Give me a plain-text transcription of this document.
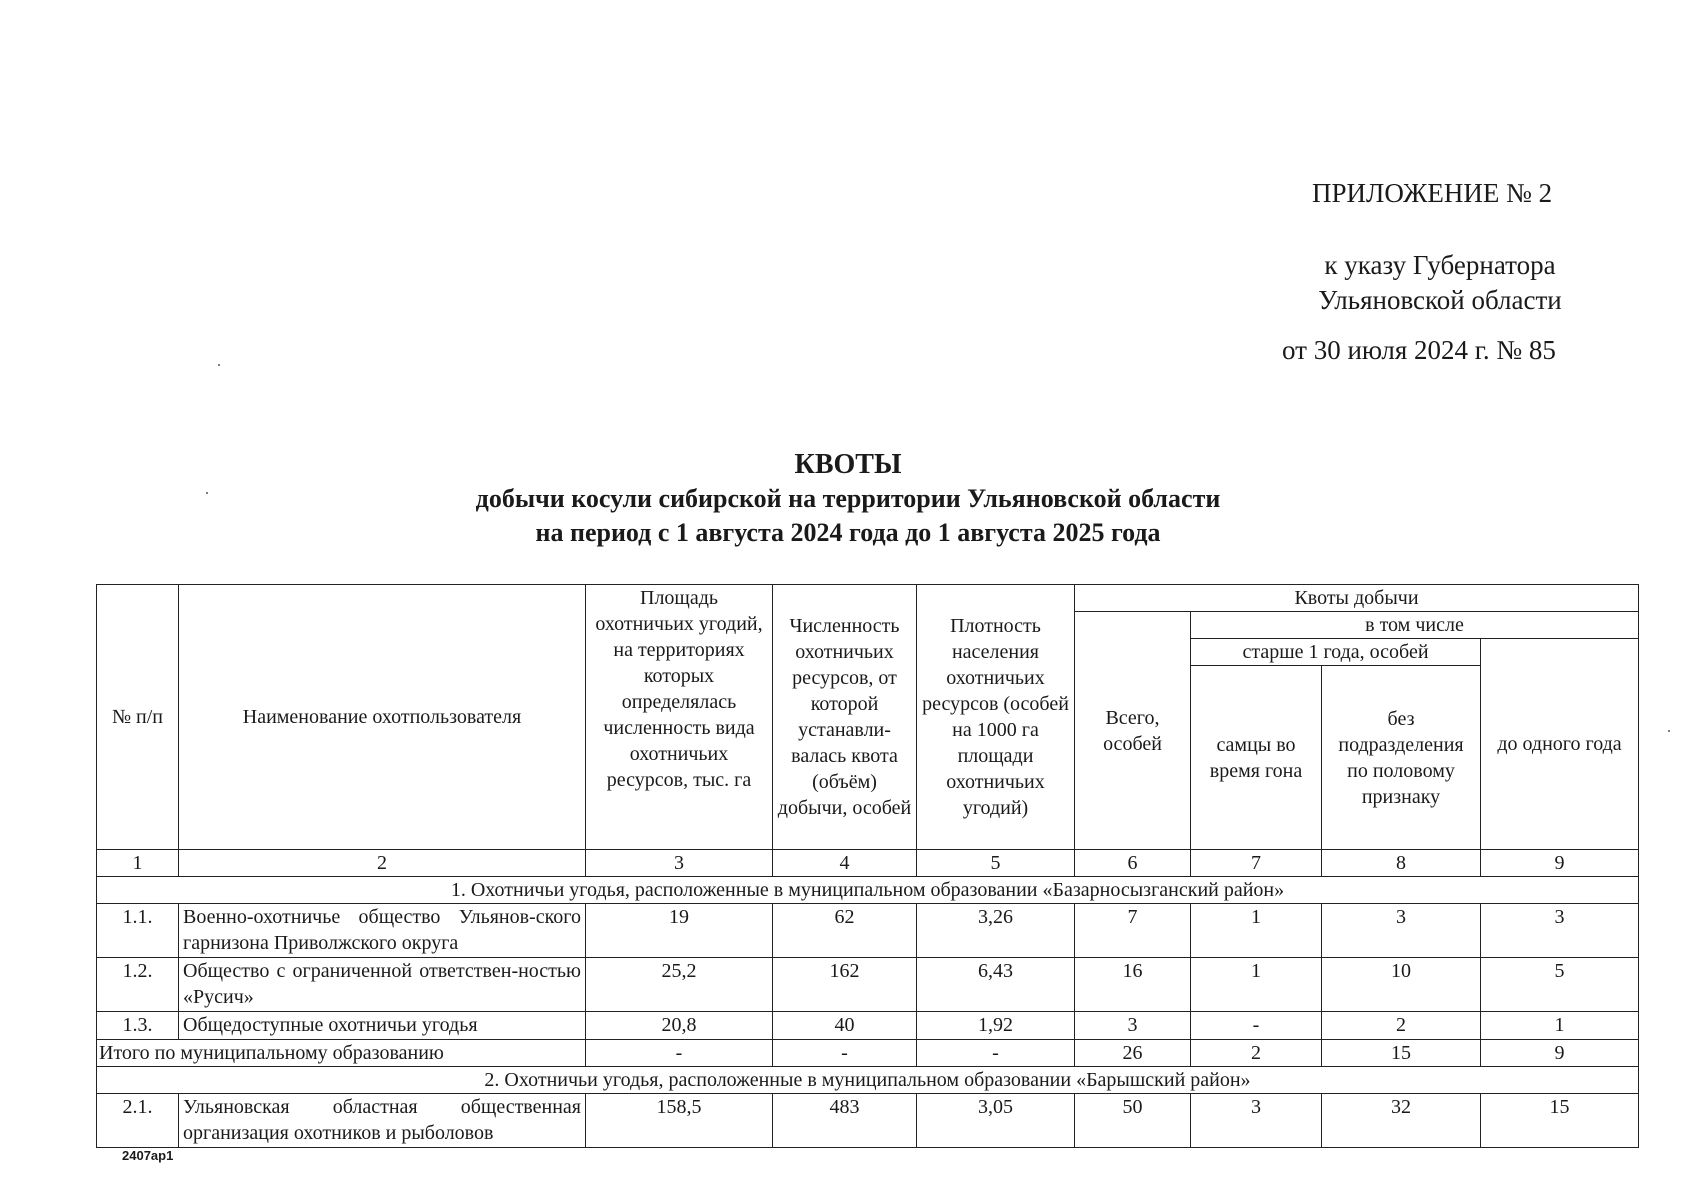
ПРИЛОЖЕНИЕ № 2
к указу Губернатора
Ульяновской области
от 30 июля 2024 г. № 85
КВОТЫ
добычи косули сибирской на территории Ульяновской области
на период с 1 августа 2024 года до 1 августа 2025 года
№ п/п	Наименование охотпользователя	Площадь охотничьих угодий, на территориях которых определялась численность вида охотничьих ресурсов, тыс. га	Численность охотничьих ресурсов, от которой устанавли-валась квота (объём) добычи, особей	Плотность населения охотничьих ресурсов (особей на 1000 га площади охотничьих угодий)	Квоты добычи			
					Всего, особей	в том числе		
						старше 1 года, особей		до одного года
						самцы во время гона	без подразделения по половому признаку	
1	2	3	4	5	6	7	8	9
1. Охотничьи угодья, расположенные в муниципальном образовании «Базарносызганский район»								
1.1.	Военно-охотничье общество Ульянов-ского гарнизона Приволжского округа	19	62	3,26	7	1	3	3
1.2.	Общество с ограниченной ответствен-ностью «Русич»	25,2	162	6,43	16	1	10	5
1.3.	Общедоступные охотничьи угодья	20,8	40	1,92	3	-	2	1
Итого по муниципальному образованию		-	-	-	26	2	15	9
2. Охотничьи угодья, расположенные в муниципальном образовании «Барышский район»								
2.1.	Ульяновская областная общественная организация охотников и рыболовов	158,5	483	3,05	50	3	32	15
2407ap1
